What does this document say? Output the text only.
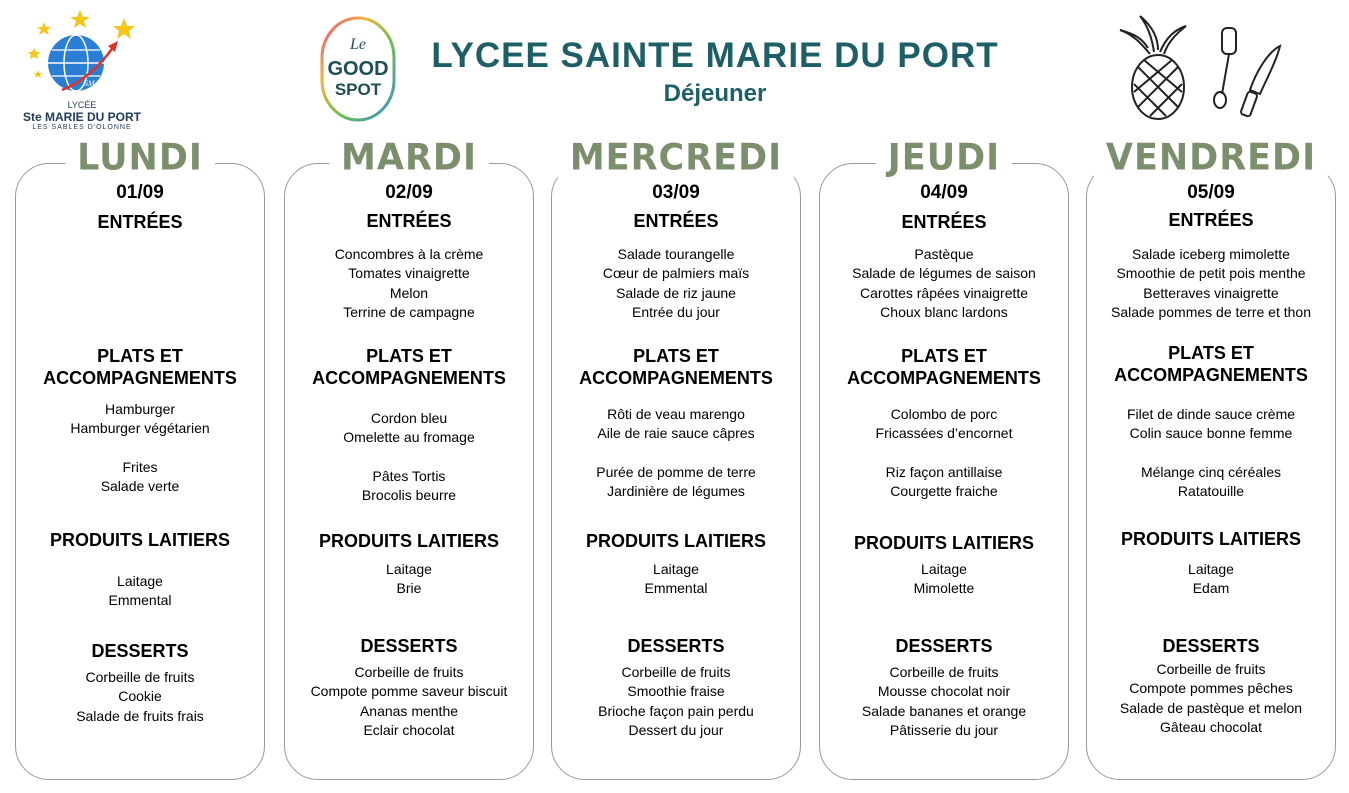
SMdP
LYCÉE
Ste MARIE DU PORT
LES SABLES D'OLONNE
Le
GOOD
SPOT
LYCEE SAINTE MARIE DU PORT
Déjeuner
LUNDI
01/09
ENTRÉES
PLATS ET
ACCOMPAGNEMENTS
Hamburger
Hamburger végétarien
Frites
Salade verte
PRODUITS LAITIERS
Laitage
Emmental
DESSERTS
Corbeille de fruits
Cookie
Salade de fruits frais
MARDI
02/09
ENTRÉES
Concombres à la crème
Tomates vinaigrette
Melon
Terrine de campagne
PLATS ET
ACCOMPAGNEMENTS
Cordon bleu
Omelette au fromage
Pâtes Tortis
Brocolis beurre
PRODUITS LAITIERS
Laitage
Brie
DESSERTS
Corbeille de fruits
Compote pomme saveur biscuit
Ananas menthe
Eclair chocolat
MERCREDI
03/09
ENTRÉES
Salade tourangelle
Cœur de palmiers maïs
Salade de riz jaune
Entrée du jour
PLATS ET
ACCOMPAGNEMENTS
Rôti de veau marengo
Aile de raie sauce câpres
Purée de pomme de terre
Jardinière de légumes
PRODUITS LAITIERS
Laitage
Emmental
DESSERTS
Corbeille de fruits
Smoothie fraise
Brioche façon pain perdu
Dessert du jour
JEUDI
04/09
ENTRÉES
Pastèque
Salade de légumes de saison
Carottes râpées vinaigrette
Choux blanc lardons
PLATS ET
ACCOMPAGNEMENTS
Colombo de porc
Fricassées d’encornet
Riz façon antillaise
Courgette fraiche
PRODUITS LAITIERS
Laitage
Mimolette
DESSERTS
Corbeille de fruits
Mousse chocolat noir
Salade bananes et orange
Pâtisserie du jour
VENDREDI
05/09
ENTRÉES
Salade iceberg mimolette
Smoothie de petit pois menthe
Betteraves vinaigrette
Salade pommes de terre et thon
PLATS ET
ACCOMPAGNEMENTS
Filet de dinde sauce crème
Colin sauce bonne femme
Mélange cinq céréales
Ratatouille
PRODUITS LAITIERS
Laitage
Edam
DESSERTS
Corbeille de fruits
Compote pommes pêches
Salade de pastèque et melon
Gâteau chocolat
